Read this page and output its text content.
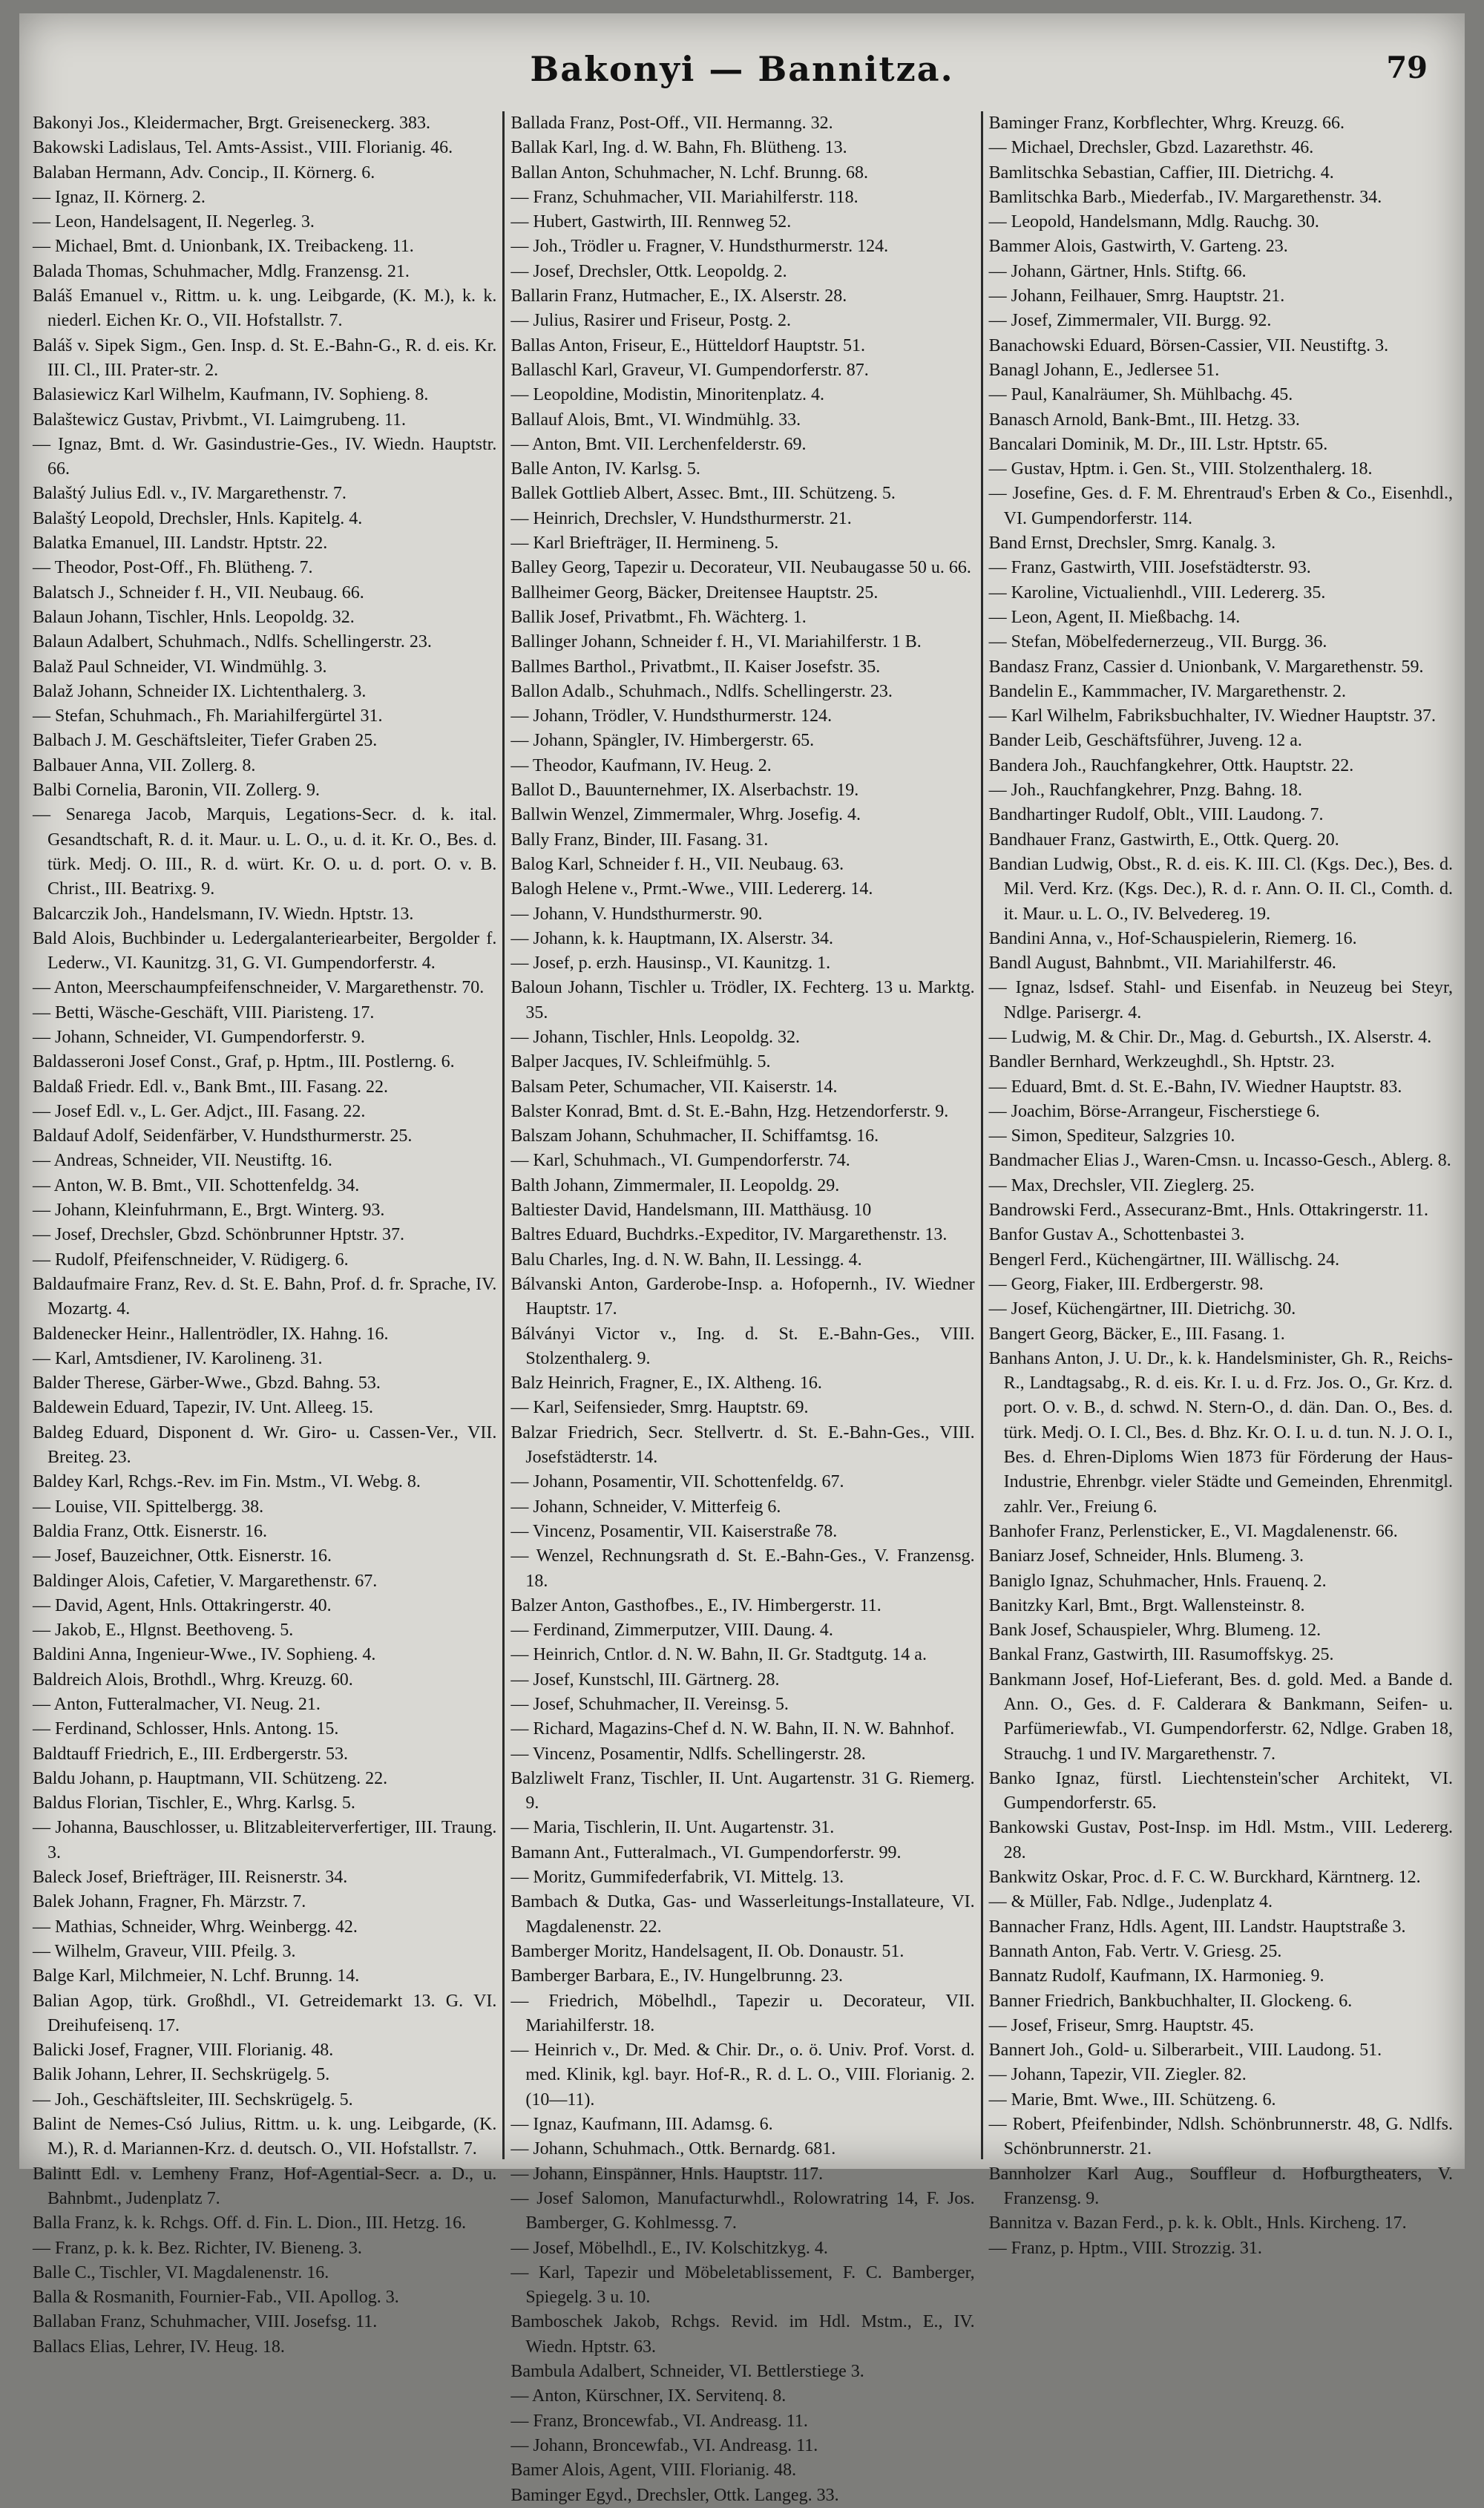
Bakonyi — Bannitza.	79

Bakonyi Jos., Kleidermacher, Brgt. Greiseneckerg. 383.

Bakowski Ladislaus, Tel. Amts-Assist., VIII. Florianig. 46.

Balaban Hermann, Adv. Concip., II. Körnerg. 6.

— Ignaz, II. Körnerg. 2.

— Leon, Handelsagent, II. Negerleg. 3.

— Michael, Bmt. d. Unionbank, IX. Treibackeng. 11.

Balada Thomas, Schuhmacher, Mdlg. Franzensg. 21.

Baláš Emanuel v., Rittm. u. k. ung. Leibgarde, (K. M.), k. k. niederl. Eichen Kr. O., VII. Hofstallstr. 7.

Baláš v. Sipek Sigm., Gen. Insp. d. St. E.-Bahn-G., R. d. eis. Kr. III. Cl., III. Prater-str. 2.

Balasiewicz Karl Wilhelm, Kaufmann, IV. Sophieng. 8.

Balaštewicz Gustav, Privbmt., VI. Laimgrubeng. 11.

— Ignaz, Bmt. d. Wr. Gasindustrie-Ges., IV. Wiedn. Hauptstr. 66.

Balaštý Julius Edl. v., IV. Margarethenstr. 7.

Balaštý Leopold, Drechsler, Hnls. Kapitelg. 4.

Balatka Emanuel, III. Landstr. Hptstr. 22.

— Theodor, Post-Off., Fh. Blütheng. 7.

Balatsch J., Schneider f. H., VII. Neubaug. 66.

Balaun Johann, Tischler, Hnls. Leopoldg. 32.

Balaun Adalbert, Schuhmach., Ndlfs. Schellingerstr. 23.

Balaž Paul Schneider, VI. Windmühlg. 3.

Balaž Johann, Schneider IX. Lichtenthalerg. 3.

— Stefan, Schuhmach., Fh. Mariahilfergürtel 31.

Balbach J. M. Geschäftsleiter, Tiefer Graben 25.

Balbauer Anna, VII. Zollerg. 8.

Balbi Cornelia, Baronin, VII. Zollerg. 9.

— Senarega Jacob, Marquis, Legations-Secr. d. k. ital. Gesandtschaft, R. d. it. Maur. u. L. O., u. d. it. Kr. O., Bes. d. türk. Medj. O. III., R. d. würt. Kr. O. u. d. port. O. v. B. Christ., III. Beatrixg. 9.

Balcarczik Joh., Handelsmann, IV. Wiedn. Hptstr. 13.

Bald Alois, Buchbinder u. Ledergalanteriearbeiter, Bergolder f. Lederw., VI. Kaunitzg. 31, G. VI. Gumpendorferstr. 4.

— Anton, Meerschaumpfeifenschneider, V. Margarethenstr. 70.

— Betti, Wäsche-Geschäft, VIII. Piaristeng. 17.

— Johann, Schneider, VI. Gumpendorferstr. 9.

Baldasseroni Josef Const., Graf, p. Hptm., III. Postlerng. 6.

Baldaß Friedr. Edl. v., Bank Bmt., III. Fasang. 22.

— Josef Edl. v., L. Ger. Adjct., III. Fasang. 22.

Baldauf Adolf, Seidenfärber, V. Hundsthurmerstr. 25.

— Andreas, Schneider, VII. Neustiftg. 16.

— Anton, W. B. Bmt., VII. Schottenfeldg. 34.

— Johann, Kleinfuhrmann, E., Brgt. Winterg. 93.

— Josef, Drechsler, Gbzd. Schönbrunner Hptstr. 37.

— Rudolf, Pfeifenschneider, V. Rüdigerg. 6.

Baldaufmaire Franz, Rev. d. St. E. Bahn, Prof. d. fr. Sprache, IV. Mozartg. 4.

Baldenecker Heinr., Hallentrödler, IX. Hahng. 16.

— Karl, Amtsdiener, IV. Karolineng. 31.

Balder Therese, Gärber-Wwe., Gbzd. Bahng. 53.

Baldewein Eduard, Tapezir, IV. Unt. Alleeg. 15.

Baldeg Eduard, Disponent d. Wr. Giro- u. Cassen-Ver., VII. Breiteg. 23.

Baldey Karl, Rchgs.-Rev. im Fin. Mstm., VI. Webg. 8.

— Louise, VII. Spittelbergg. 38.

Baldia Franz, Ottk. Eisnerstr. 16.

— Josef, Bauzeichner, Ottk. Eisnerstr. 16.

Baldinger Alois, Cafetier, V. Margarethenstr. 67.

— David, Agent, Hnls. Ottakringerstr. 40.

— Jakob, E., Hlgnst. Beethoveng. 5.

Baldini Anna, Ingenieur-Wwe., IV. Sophieng. 4.

Baldreich Alois, Brothdl., Whrg. Kreuzg. 60.

— Anton, Futteralmacher, VI. Neug. 21.

— Ferdinand, Schlosser, Hnls. Antong. 15.

Baldtauff Friedrich, E., III. Erdbergerstr. 53.

Baldu Johann, p. Hauptmann, VII. Schützeng. 22.

Baldus Florian, Tischler, E., Whrg. Karlsg. 5.

— Johanna, Bauschlosser, u. Blitzableiterverfertiger, III. Traung. 3.

Baleck Josef, Briefträger, III. Reisnerstr. 34.

Balek Johann, Fragner, Fh. Märzstr. 7.

— Mathias, Schneider, Whrg. Weinbergg. 42.

— Wilhelm, Graveur, VIII. Pfeilg. 3.

Balge Karl, Milchmeier, N. Lchf. Brunng. 14.

Balian Agop, türk. Großhdl., VI. Getreidemarkt 13. G. VI. Dreihufeisenq. 17.

Balicki Josef, Fragner, VIII. Florianig. 48.

Balik Johann, Lehrer, II. Sechskrügelg. 5.

— Joh., Geschäftsleiter, III. Sechskrügelg. 5.

Balint de Nemes-Csó Julius, Rittm. u. k. ung. Leibgarde, (K. M.), R. d. Mariannen-Krz. d. deutsch. O., VII. Hofstallstr. 7.

Balintt Edl. v. Lemheny Franz, Hof-Agential-Secr. a. D., u. Bahnbmt., Judenplatz 7.

Balla Franz, k. k. Rchgs. Off. d. Fin. L. Dion., III. Hetzg. 16.

— Franz, p. k. k. Bez. Richter, IV. Bieneng. 3.

Balle C., Tischler, VI. Magdalenenstr. 16.

Balla & Rosmanith, Fournier-Fab., VII. Apollog. 3.

Ballaban Franz, Schuhmacher, VIII. Josefsg. 11.

Ballacs Elias, Lehrer, IV. Heug. 18.

Ballada Franz, Post-Off., VII. Hermanng. 32.

Ballak Karl, Ing. d. W. Bahn, Fh. Blütheng. 13.

Ballan Anton, Schuhmacher, N. Lchf. Brunng. 68.

— Franz, Schuhmacher, VII. Mariahilferstr. 118.

— Hubert, Gastwirth, III. Rennweg 52.

— Joh., Trödler u. Fragner, V. Hundsthurmerstr. 124.

— Josef, Drechsler, Ottk. Leopoldg. 2.

Ballarin Franz, Hutmacher, E., IX. Alserstr. 28.

— Julius, Rasirer und Friseur, Postg. 2.

Ballas Anton, Friseur, E., Hütteldorf Hauptstr. 51.

Ballaschl Karl, Graveur, VI. Gumpendorferstr. 87.

— Leopoldine, Modistin, Minoritenplatz. 4.

Ballauf Alois, Bmt., VI. Windmühlg. 33.

— Anton, Bmt. VII. Lerchenfelderstr. 69.

Balle Anton, IV. Karlsg. 5.

Ballek Gottlieb Albert, Assec. Bmt., III. Schützeng. 5.

— Heinrich, Drechsler, V. Hundsthurmerstr. 21.

— Karl Briefträger, II. Hermineng. 5.

Balley Georg, Tapezir u. Decorateur, VII. Neubaugasse 50 u. 66.

Ballheimer Georg, Bäcker, Dreitensee Hauptstr. 25.

Ballik Josef, Privatbmt., Fh. Wächterg. 1.

Ballinger Johann, Schneider f. H., VI. Mariahilferstr. 1 B.

Ballmes Barthol., Privatbmt., II. Kaiser Josefstr. 35.

Ballon Adalb., Schuhmach., Ndlfs. Schellingerstr. 23.

— Johann, Trödler, V. Hundsthurmerstr. 124.

— Johann, Spängler, IV. Himbergerstr. 65.

— Theodor, Kaufmann, IV. Heug. 2.

Ballot D., Bauunternehmer, IX. Alserbachstr. 19.

Ballwin Wenzel, Zimmermaler, Whrg. Josefig. 4.

Bally Franz, Binder, III. Fasang. 31.

Balog Karl, Schneider f. H., VII. Neubaug. 63.

Balogh Helene v., Prmt.-Wwe., VIII. Ledererg. 14.

— Johann, V. Hundsthurmerstr. 90.

— Johann, k. k. Hauptmann, IX. Alserstr. 34.

— Josef, p. erzh. Hausinsp., VI. Kaunitzg. 1.

Baloun Johann, Tischler u. Trödler, IX. Fechterg. 13 u. Marktg. 35.

— Johann, Tischler, Hnls. Leopoldg. 32.

Balper Jacques, IV. Schleifmühlg. 5.

Balsam Peter, Schumacher, VII. Kaiserstr. 14.

Balster Konrad, Bmt. d. St. E.-Bahn, Hzg. Hetzendorferstr. 9.

Balszam Johann, Schuhmacher, II. Schiffamtsg. 16.

— Karl, Schuhmach., VI. Gumpendorferstr. 74.

Balth Johann, Zimmermaler, II. Leopoldg. 29.

Baltiester David, Handelsmann, III. Matthäusg. 10

Baltres Eduard, Buchdrks.-Expeditor, IV. Margarethenstr. 13.

Balu Charles, Ing. d. N. W. Bahn, II. Lessingg. 4.

Bálvanski Anton, Garderobe-Insp. a. Hofopernh., IV. Wiedner Hauptstr. 17.

Bálványi Victor v., Ing. d. St. E.-Bahn-Ges., VIII. Stolzenthalerg. 9.

Balz Heinrich, Fragner, E., IX. Altheng. 16.

— Karl, Seifensieder, Smrg. Hauptstr. 69.

Balzar Friedrich, Secr. Stellvertr. d. St. E.-Bahn-Ges., VIII. Josefstädterstr. 14.

— Johann, Posamentir, VII. Schottenfeldg. 67.

— Johann, Schneider, V. Mitterfeig 6.

— Vincenz, Posamentir, VII. Kaiserstraße 78.

— Wenzel, Rechnungsrath d. St. E.-Bahn-Ges., V. Franzensg. 18.

Balzer Anton, Gasthofbes., E., IV. Himbergerstr. 11.

— Ferdinand, Zimmerputzer, VIII. Daung. 4.

— Heinrich, Cntlor. d. N. W. Bahn, II. Gr. Stadtgutg. 14 a.

— Josef, Kunstschl, III. Gärtnerg. 28.

— Josef, Schuhmacher, II. Vereinsg. 5.

— Richard, Magazins-Chef d. N. W. Bahn, II. N. W. Bahnhof.

— Vincenz, Posamentir, Ndlfs. Schellingerstr. 28.

Balzliwelt Franz, Tischler, II. Unt. Augartenstr. 31 G. Riemerg. 9.

— Maria, Tischlerin, II. Unt. Augartenstr. 31.

Bamann Ant., Futteralmach., VI. Gumpendorferstr. 99.

— Moritz, Gummifederfabrik, VI. Mittelg. 13.

Bambach & Dutka, Gas- und Wasserleitungs-Installateure, VI. Magdalenenstr. 22.

Bamberger Moritz, Handelsagent, II. Ob. Donaustr. 51.

Bamberger Barbara, E., IV. Hungelbrunng. 23.

— Friedrich, Möbelhdl., Tapezir u. Decorateur, VII. Mariahilferstr. 18.

— Heinrich v., Dr. Med. & Chir. Dr., o. ö. Univ. Prof. Vorst. d. med. Klinik, kgl. bayr. Hof-R., R. d. L. O., VIII. Florianig. 2. (10—11).

— Ignaz, Kaufmann, III. Adamsg. 6.

— Johann, Schuhmach., Ottk. Bernardg. 681.

— Johann, Einspänner, Hnls. Hauptstr. 117.

— Josef Salomon, Manufacturwhdl., Rolowratring 14, F. Jos. Bamberger, G. Kohlmessg. 7.

— Josef, Möbelhdl., E., IV. Kolschitzkyg. 4.

— Karl, Tapezir und Möbeletablissement, F. C. Bamberger, Spiegelg. 3 u. 10.

Bamboschek Jakob, Rchgs. Revid. im Hdl. Mstm., E., IV. Wiedn. Hptstr. 63.

Bambula Adalbert, Schneider, VI. Bettlerstiege 3.

— Anton, Kürschner, IX. Servitenq. 8.

— Franz, Broncewfab., VI. Andreasg. 11.

— Johann, Broncewfab., VI. Andreasg. 11.

Bamer Alois, Agent, VIII. Florianig. 48.

Baminger Egyd., Drechsler, Ottk. Langeg. 33.

Baminger Franz, Korbflechter, Whrg. Kreuzg. 66.

— Michael, Drechsler, Gbzd. Lazarethstr. 46.

Bamlitschka Sebastian, Caffier, III. Dietrichg. 4.

Bamlitschka Barb., Miederfab., IV. Margarethenstr. 34.

— Leopold, Handelsmann, Mdlg. Rauchg. 30.

Bammer Alois, Gastwirth, V. Garteng. 23.

— Johann, Gärtner, Hnls. Stiftg. 66.

— Johann, Feilhauer, Smrg. Hauptstr. 21.

— Josef, Zimmermaler, VII. Burgg. 92.

Banachowski Eduard, Börsen-Cassier, VII. Neustiftg. 3.

Banagl Johann, E., Jedlersee 51.

— Paul, Kanalräumer, Sh. Mühlbachg. 45.

Banasch Arnold, Bank-Bmt., III. Hetzg. 33.

Bancalari Dominik, M. Dr., III. Lstr. Hptstr. 65.

— Gustav, Hptm. i. Gen. St., VIII. Stolzenthalerg. 18.

— Josefine, Ges. d. F. M. Ehrentraud's Erben & Co., Eisenhdl., VI. Gumpendorferstr. 114.

Band Ernst, Drechsler, Smrg. Kanalg. 3.

— Franz, Gastwirth, VIII. Josefstädterstr. 93.

— Karoline, Victualienhdl., VIII. Ledererg. 35.

— Leon, Agent, II. Mießbachg. 14.

— Stefan, Möbelfedernerzeug., VII. Burgg. 36.

Bandasz Franz, Cassier d. Unionbank, V. Margarethenstr. 59.

Bandelin E., Kammmacher, IV. Margarethenstr. 2.

— Karl Wilhelm, Fabriksbuchhalter, IV. Wiedner Hauptstr. 37.

Bander Leib, Geschäftsführer, Juveng. 12 a.

Bandera Joh., Rauchfangkehrer, Ottk. Hauptstr. 22.

— Joh., Rauchfangkehrer, Pnzg. Bahng. 18.

Bandhartinger Rudolf, Oblt., VIII. Laudong. 7.

Bandhauer Franz, Gastwirth, E., Ottk. Querg. 20.

Bandian Ludwig, Obst., R. d. eis. K. III. Cl. (Kgs. Dec.), Bes. d. Mil. Verd. Krz. (Kgs. Dec.), R. d. r. Ann. O. II. Cl., Comth. d. it. Maur. u. L. O., IV. Belvedereg. 19.

Bandini Anna, v., Hof-Schauspielerin, Riemerg. 16.

Bandl August, Bahnbmt., VII. Mariahilferstr. 46.

— Ignaz, lsdsef. Stahl- und Eisenfab. in Neuzeug bei Steyr, Ndlge. Parisergr. 4.

— Ludwig, M. & Chir. Dr., Mag. d. Geburtsh., IX. Alserstr. 4.

Bandler Bernhard, Werkzeughdl., Sh. Hptstr. 23.

— Eduard, Bmt. d. St. E.-Bahn, IV. Wiedner Hauptstr. 83.

— Joachim, Börse-Arrangeur, Fischerstiege 6.

— Simon, Spediteur, Salzgries 10.

Bandmacher Elias J., Waren-Cmsn. u. Incasso-Gesch., Ablerg. 8.

— Max, Drechsler, VII. Zieglerg. 25.

Bandrowski Ferd., Assecuranz-Bmt., Hnls. Ottakringerstr. 11.

Banfor Gustav A., Schottenbastei 3.

Bengerl Ferd., Küchengärtner, III. Wällischg. 24.

— Georg, Fiaker, III. Erdbergerstr. 98.

— Josef, Küchengärtner, III. Dietrichg. 30.

Bangert Georg, Bäcker, E., III. Fasang. 1.

Banhans Anton, J. U. Dr., k. k. Handelsminister, Gh. R., Reichs-R., Landtagsabg., R. d. eis. Kr. I. u. d. Frz. Jos. O., Gr. Krz. d. port. O. v. B., d. schwd. N. Stern-O., d. dän. Dan. O., Bes. d. türk. Medj. O. I. Cl., Bes. d. Bhz. Kr. O. I. u. d. tun. N. J. O. I., Bes. d. Ehren-Diploms Wien 1873 für Förderung der Haus-Industrie, Ehrenbgr. vieler Städte und Gemeinden, Ehrenmitgl. zahlr. Ver., Freiung 6.

Banhofer Franz, Perlensticker, E., VI. Magdalenenstr. 66.

Baniarz Josef, Schneider, Hnls. Blumeng. 3.

Baniglo Ignaz, Schuhmacher, Hnls. Frauenq. 2.

Banitzky Karl, Bmt., Brgt. Wallensteinstr. 8.

Bank Josef, Schauspieler, Whrg. Blumeng. 12.

Bankal Franz, Gastwirth, III. Rasumoffskyg. 25.

Bankmann Josef, Hof-Lieferant, Bes. d. gold. Med. a Bande d. Ann. O., Ges. d. F. Calderara & Bankmann, Seifen- u. Parfümeriewfab., VI. Gumpendorferstr. 62, Ndlge. Graben 18, Strauchg. 1 und IV. Margarethenstr. 7.

Banko Ignaz, fürstl. Liechtenstein'scher Architekt, VI. Gumpendorferstr. 65.

Bankowski Gustav, Post-Insp. im Hdl. Mstm., VIII. Ledererg. 28.

Bankwitz Oskar, Proc. d. F. C. W. Burckhard, Kärntnerg. 12.

— & Müller, Fab. Ndlge., Judenplatz 4.

Bannacher Franz, Hdls. Agent, III. Landstr. Hauptstraße 3.

Bannath Anton, Fab. Vertr. V. Griesg. 25.

Bannatz Rudolf, Kaufmann, IX. Harmonieg. 9.

Banner Friedrich, Bankbuchhalter, II. Glockeng. 6.

— Josef, Friseur, Smrg. Hauptstr. 45.

Bannert Joh., Gold- u. Silberarbeit., VIII. Laudong. 51.

— Johann, Tapezir, VII. Ziegler. 82.

— Marie, Bmt. Wwe., III. Schützeng. 6.

— Robert, Pfeifenbinder, Ndlsh. Schönbrunnerstr. 48, G. Ndlfs. Schönbrunnerstr. 21.

Bannholzer Karl Aug., Souffleur d. Hofburgtheaters, V. Franzensg. 9.

Bannitza v. Bazan Ferd., p. k. k. Oblt., Hnls. Kircheng. 17.

— Franz, p. Hptm., VIII. Strozzig. 31.
